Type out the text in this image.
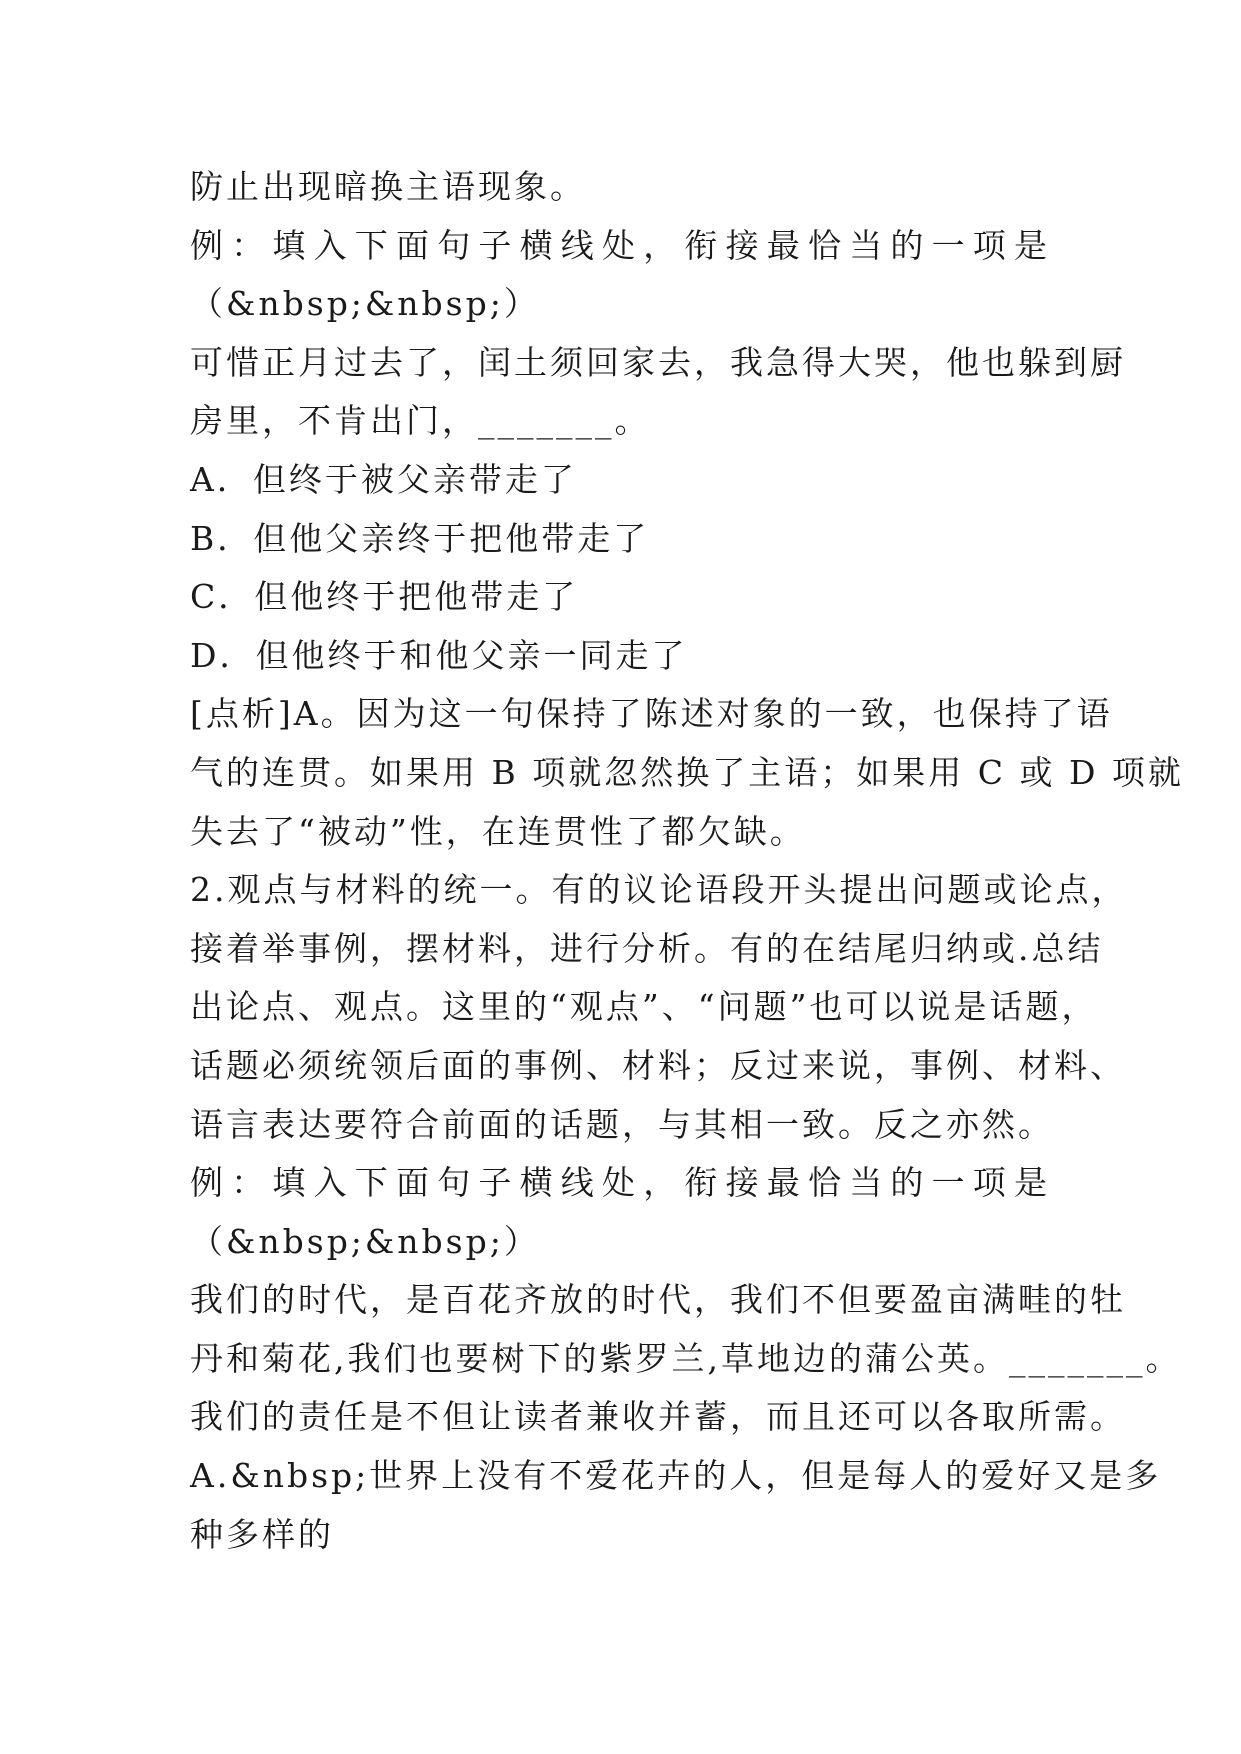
防止出现暗换主语现象。
例：填入下面句子横线处，衔接最恰当的一项是
（&nbsp;&nbsp;）
可惜正月过去了，闰土须回家去，我急得大哭，他也躲到厨
房里，不肯出门，_______。
A．但终于被父亲带走了
B．但他父亲终于把他带走了
C．但他终于把他带走了
D．但他终于和他父亲一同走了
[点析]A。因为这一句保持了陈述对象的一致，也保持了语
气的连贯。如果用 B 项就忽然换了主语；如果用 C 或 D 项就
失去了“被动”性，在连贯性了都欠缺。
2.观点与材料的统一。有的议论语段开头提出问题或论点，
接着举事例，摆材料，进行分析。有的在结尾归纳或.总结
出论点、观点。这里的“观点”、“问题”也可以说是话题，
话题必须统领后面的事例、材料；反过来说，事例、材料、
语言表达要符合前面的话题，与其相一致。反之亦然。
例：填入下面句子横线处，衔接最恰当的一项是
（&nbsp;&nbsp;）
我们的时代，是百花齐放的时代，我们不但要盈亩满畦的牡
丹和菊花,我们也要树下的紫罗兰,草地边的蒲公英。_______。
我们的责任是不但让读者兼收并蓄，而且还可以各取所需。
A.&nbsp;世界上没有不爱花卉的人，但是每人的爱好又是多
种多样的
